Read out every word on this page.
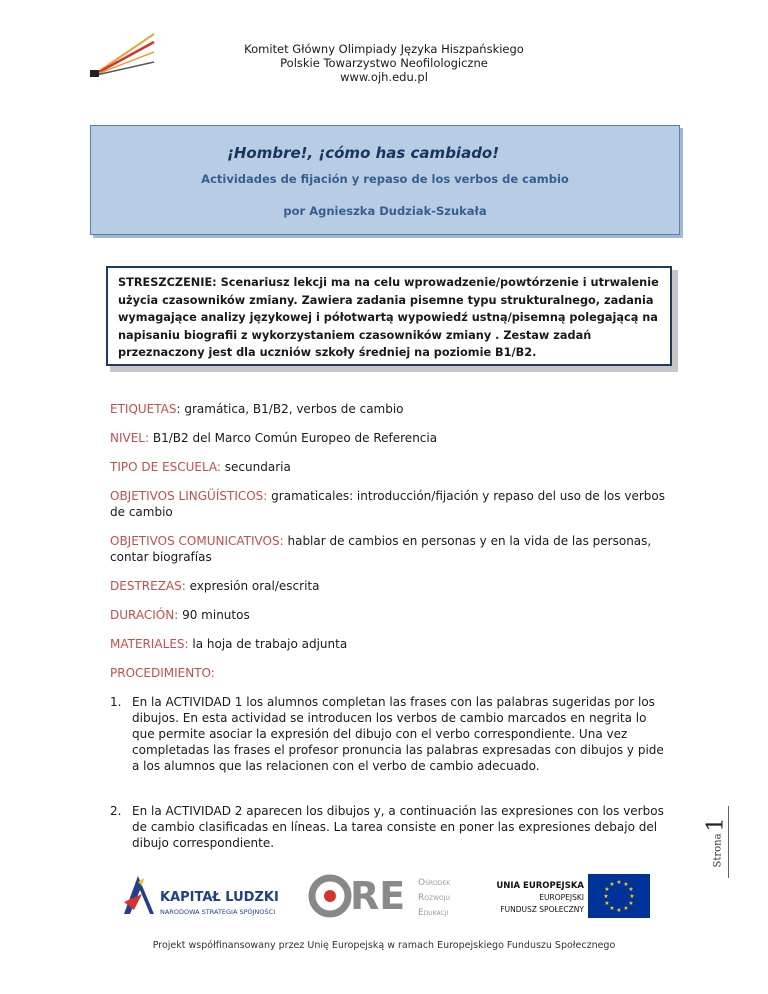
Komitet Główny Olimpiady Języka Hiszpańskiego
Polskie Towarzystwo Neofilologiczne
www.ojh.edu.pl
¡Hombre!, ¡cómo has cambiado!
Actividades de fijación y repaso de los verbos de cambio
por Agnieszka Dudziak-Szukała
STRESZCZENIE: Scenariusz lekcji ma na celu wprowadzenie/powtórzenie i utrwalenie użycia czasowników zmiany. Zawiera zadania pisemne typu strukturalnego, zadania wymagające analizy językowej i półotwartą wypowiedź ustną/pisemną polegającą na napisaniu biografii z wykorzystaniem czasowników zmiany . Zestaw zadań przeznaczony jest dla uczniów szkoły średniej na poziomie B1/B2.
ETIQUETAS: gramática, B1/B2, verbos de cambio
NIVEL: B1/B2 del Marco Común Europeo de Referencia
TIPO DE ESCUELA: secundaria
OBJETIVOS LINGÜÍSTICOS: gramaticales: introducción/fijación y repaso del uso de los verbos de cambio
OBJETIVOS COMUNICATIVOS: hablar de cambios en personas y en la vida de las personas, contar biografías
DESTREZAS: expresión oral/escrita
DURACIÓN: 90 minutos
MATERIALES: la hoja de trabajo adjunta
PROCEDIMIENTO:
1. En la ACTIVIDAD 1 los alumnos completan las frases con las palabras sugeridas por los dibujos. En esta actividad se introducen los verbos de cambio marcados en negrita lo que permite asociar la expresión del dibujo con el verbo correspondiente. Una vez completadas las frases el profesor pronuncia las palabras expresadas con dibujos y pide a los alumnos que las relacionen con el verbo de cambio adecuado.
2. En la ACTIVIDAD 2 aparecen los dibujos y, a continuación las expresiones con los verbos de cambio clasificadas en líneas. La tarea consiste en poner las expresiones debajo del dibujo correspondiente.	Strona
1
KAPITAŁ LUDZKI
NARODOWA STRATEGIA SPÓJNOŚCI RE Ośrodek
Rozwoju
Edukacji
UNIA EUROPEJSKA
EUROPEJSKI
FUNDUSZ SPOŁECZNY
★ ★
★
★
★
★
★
★
★
★
★
★
Projekt współfinansowany przez Unię Europejską w ramach Europejskiego Funduszu Społecznego
